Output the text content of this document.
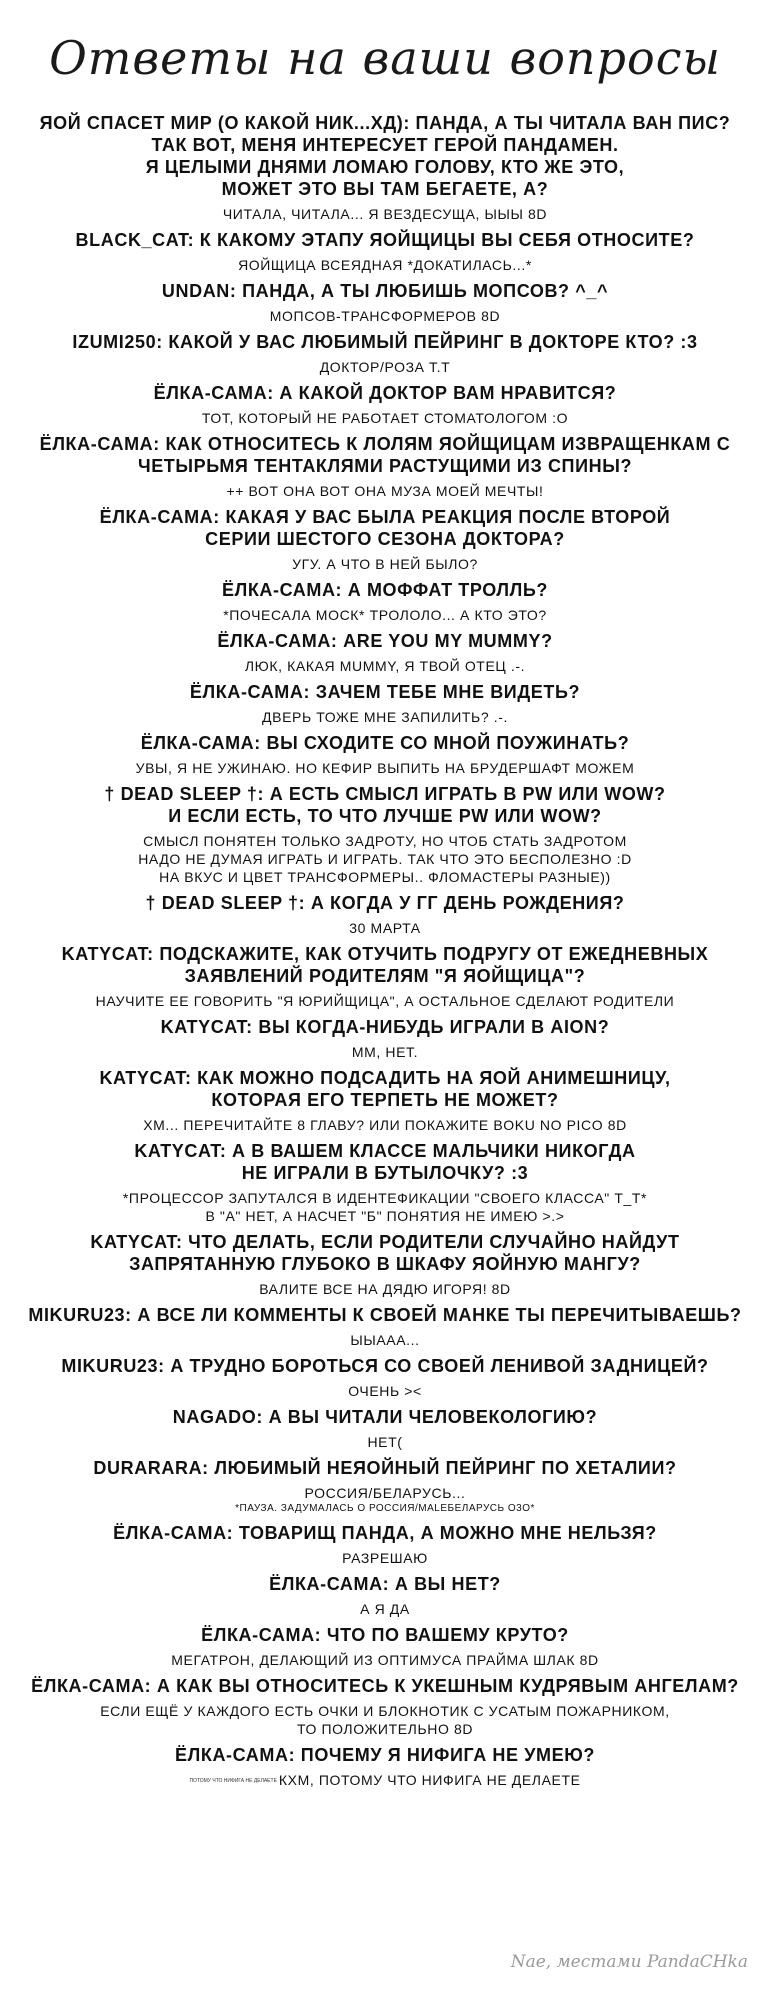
Ответы на ваши вопросы

ЯОЙ СПАСЕТ МИР (О КАКОЙ НИК...ХД): ПАНДА, А ТЫ ЧИТАЛА ВАН ПИС?
ТАК ВОТ, МЕНЯ ИНТЕРЕСУЕТ ГЕРОЙ ПАНДАМЕН.
Я ЦЕЛЫМИ ДНЯМИ ЛОМАЮ ГОЛОВУ, КТО ЖЕ ЭТО,
МОЖЕТ ЭТО ВЫ ТАМ БЕГАЕТЕ, А?

ЧИТАЛА, ЧИТАЛА... Я ВЕЗДЕСУЩА, ЫЫЫ 8D

BLACK_CAT: К КАКОМУ ЭТАПУ ЯОЙЩИЦЫ ВЫ СЕБЯ ОТНОСИТЕ?

ЯОЙЩИЦА ВСЕЯДНАЯ *ДОКАТИЛАСЬ...*

UNDAN: ПАНДА, А ТЫ ЛЮБИШЬ МОПСОВ? ^_^

МОПСОВ-ТРАНСФОРМЕРОВ 8D

IZUMI250: КАКОЙ У ВАС ЛЮБИМЫЙ ПЕЙРИНГ В ДОКТОРЕ КТО? :3

ДОКТОР/РОЗА Т.Т

ЁЛКА-САМА: А КАКОЙ ДОКТОР ВАМ НРАВИТСЯ?

ТОТ, КОТОРЫЙ НЕ РАБОТАЕТ СТОМАТОЛОГОМ :О

ЁЛКА-САМА: КАК ОТНОСИТЕСЬ К ЛОЛЯМ ЯОЙЩИЦАМ ИЗВРАЩЕНКАМ С
ЧЕТЫРЬМЯ ТЕНТАКЛЯМИ РАСТУЩИМИ ИЗ СПИНЫ?

++ ВОТ ОНА ВОТ ОНА МУЗА МОЕЙ МЕЧТЫ!

ЁЛКА-САМА: КАКАЯ У ВАС БЫЛА РЕАКЦИЯ ПОСЛЕ ВТОРОЙ
СЕРИИ ШЕСТОГО СЕЗОНА ДОКТОРА?

УГУ. А ЧТО В НЕЙ БЫЛО?

ЁЛКА-САМА: А МОФФАТ ТРОЛЛЬ?

*ПОЧЕСАЛА МОСК* ТРОЛОЛО... А КТО ЭТО?

ЁЛКА-САМА: ARE YOU MY MUMMY?

ЛЮК, КАКАЯ MUMMY, Я ТВОЙ ОТЕЦ .-.

ЁЛКА-САМА: ЗАЧЕМ ТЕБЕ МНЕ ВИДЕТЬ?

ДВЕРЬ ТОЖЕ МНЕ ЗАПИЛИТЬ? .-.

ЁЛКА-САМА: ВЫ СХОДИТЕ СО МНОЙ ПОУЖИНАТЬ?

УВЫ, Я НЕ УЖИНАЮ. НО КЕФИР ВЫПИТЬ НА БРУДЕРШАФТ МОЖЕМ

† DEAD SLEEP †: А ЕСТЬ СМЫСЛ ИГРАТЬ В PW ИЛИ WOW?
И ЕСЛИ ЕСТЬ, ТО ЧТО ЛУЧШЕ PW ИЛИ WOW?

СМЫСЛ ПОНЯТЕН ТОЛЬКО ЗАДРОТУ, НО ЧТОБ СТАТЬ ЗАДРОТОМ
НАДО НЕ ДУМАЯ ИГРАТЬ И ИГРАТЬ. ТАК ЧТО ЭТО БЕСПОЛЕЗНО :D
НА ВКУС И ЦВЕТ ТРАНСФОРМЕРЫ.. ФЛОМАСТЕРЫ РАЗНЫЕ))

† DEAD SLEEP †: А КОГДА У ГГ ДЕНЬ РОЖДЕНИЯ?

30 МАРТА

KATYCAT: ПОДСКАЖИТЕ, КАК ОТУЧИТЬ ПОДРУГУ ОТ ЕЖЕДНЕВНЫХ
ЗАЯВЛЕНИЙ РОДИТЕЛЯМ "Я ЯОЙЩИЦА"?

НАУЧИТЕ ЕЕ ГОВОРИТЬ "Я ЮРИЙЩИЦА", А ОСТАЛЬНОЕ СДЕЛАЮТ РОДИТЕЛИ

KATYCAT: ВЫ КОГДА-НИБУДЬ ИГРАЛИ В AION?

ММ, НЕТ.

KATYCAT: КАК МОЖНО ПОДСАДИТЬ НА ЯОЙ АНИМЕШНИЦУ,
КОТОРАЯ ЕГО ТЕРПЕТЬ НЕ МОЖЕТ?

ХМ... ПЕРЕЧИТАЙТЕ 8 ГЛАВУ? ИЛИ ПОКАЖИТЕ BOKU NO PICO 8D

KATYCAT: А В ВАШЕМ КЛАССЕ МАЛЬЧИКИ НИКОГДА
НЕ ИГРАЛИ В БУТЫЛОЧКУ? :3

*ПРОЦЕССОР ЗАПУТАЛСЯ В ИДЕНТЕФИКАЦИИ "СВОЕГО КЛАССА" Т_Т*
В "А" НЕТ, А НАСЧЕТ "Б" ПОНЯТИЯ НЕ ИМЕЮ >.>

KATYCAT: ЧТО ДЕЛАТЬ, ЕСЛИ РОДИТЕЛИ СЛУЧАЙНО НАЙДУТ
ЗАПРЯТАННУЮ ГЛУБОКО В ШКАФУ ЯОЙНУЮ МАНГУ?

ВАЛИТЕ ВСЕ НА ДЯДЮ ИГОРЯ! 8D

MIKURU23: А ВСЕ ЛИ КОММЕНТЫ К СВОЕЙ МАНКЕ ТЫ ПЕРЕЧИТЫВАЕШЬ?

ЫЫААА...

MIKURU23: А ТРУДНО БОРОТЬСЯ СО СВОЕЙ ЛЕНИВОЙ ЗАДНИЦЕЙ?

ОЧЕНЬ ><

NAGADO: А ВЫ ЧИТАЛИ ЧЕЛОВЕКОЛОГИЮ?

НЕТ(

DURARARA: ЛЮБИМЫЙ НЕЯОЙНЫЙ ПЕЙРИНГ ПО ХЕТАЛИИ?

РОССИЯ/БЕЛАРУСЬ...

*ПАУЗА. ЗАДУМАЛАСЬ О РОССИЯ/MALEБЕЛАРУСЬ O3O*

ЁЛКА-САМА: ТОВАРИЩ ПАНДА, А МОЖНО МНЕ НЕЛЬЗЯ?

РАЗРЕШАЮ

ЁЛКА-САМА: А ВЫ НЕТ?

А Я ДА

ЁЛКА-САМА: ЧТО ПО ВАШЕМУ КРУТО?

МЕГАТРОН, ДЕЛАЮЩИЙ ИЗ ОПТИМУСА ПРАЙМА ШЛАК 8D

ЁЛКА-САМА: А КАК ВЫ ОТНОСИТЕСЬ К УКЕШНЫМ КУДРЯВЫМ АНГЕЛАМ?

ЕСЛИ ЕЩЁ У КАЖДОГО ЕСТЬ ОЧКИ И БЛОКНОТИК С УСАТЫМ ПОЖАРНИКОМ,
ТО ПОЛОЖИТЕЛЬНО 8D

ЁЛКА-САМА: ПОЧЕМУ Я НИФИГА НЕ УМЕЮ?

ПОТОМУ ЧТО НИФИГА НЕ ДЕЛАЕТЕ КХМ, ПОТОМУ ЧТО НИФИГА НЕ ДЕЛАЕТЕ

Nae, местами PandaCHka
